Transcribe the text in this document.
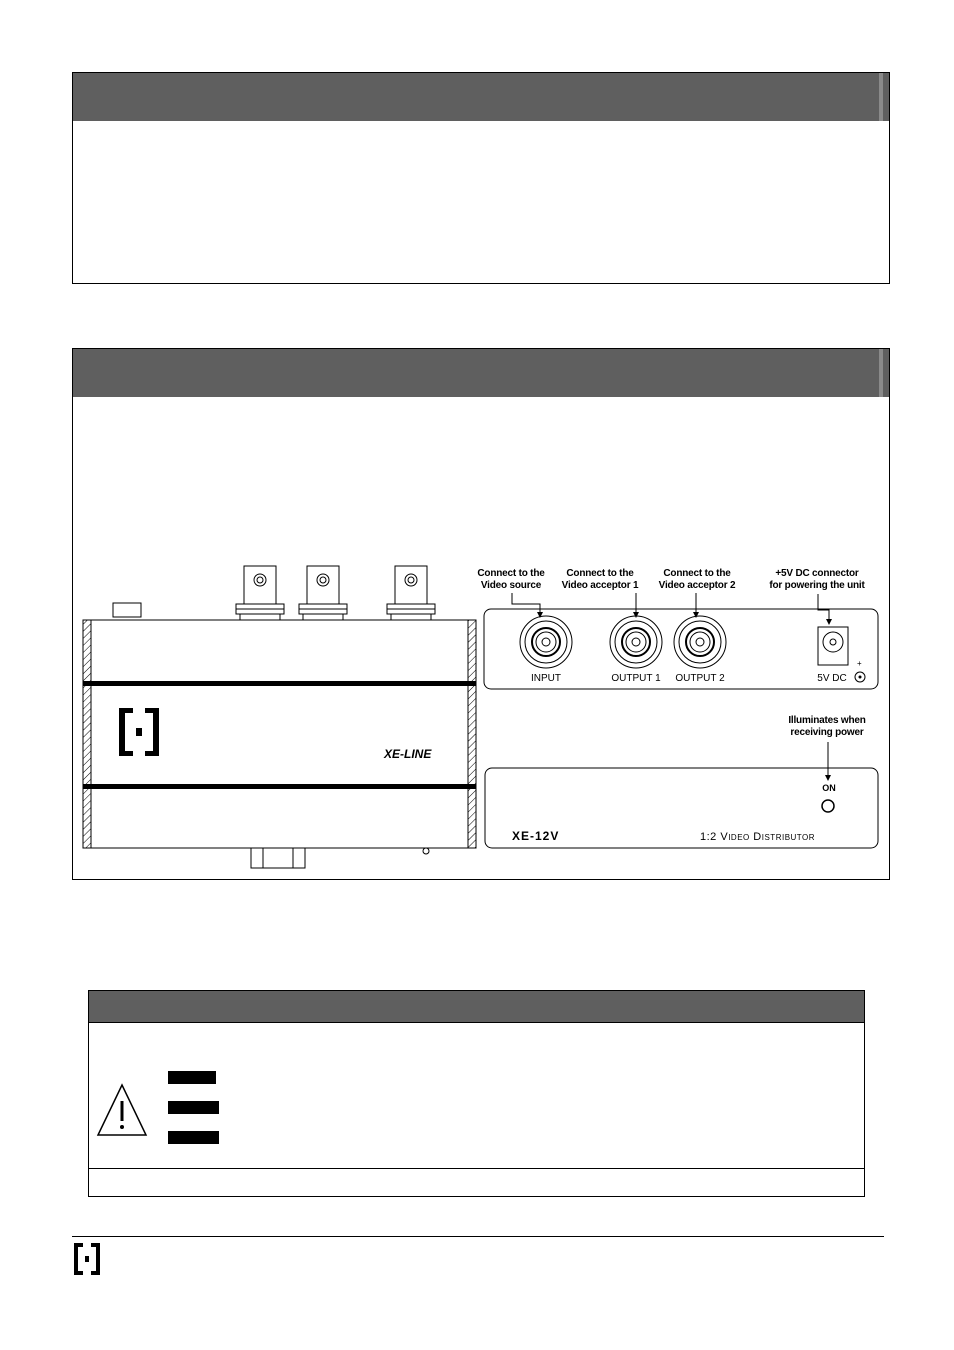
XE-LINE
+
INPUT	OUTPUT 1 OUTPUT 2	5V DC
ON
XE-12V	1:2 VIDEO DISTRIBUTOR
Connect to the
Video source
Connect to the
Video acceptor 1
Connect to the
Video acceptor 2
+5V DC connector
for powering the unit
Illuminates when
receiving power
